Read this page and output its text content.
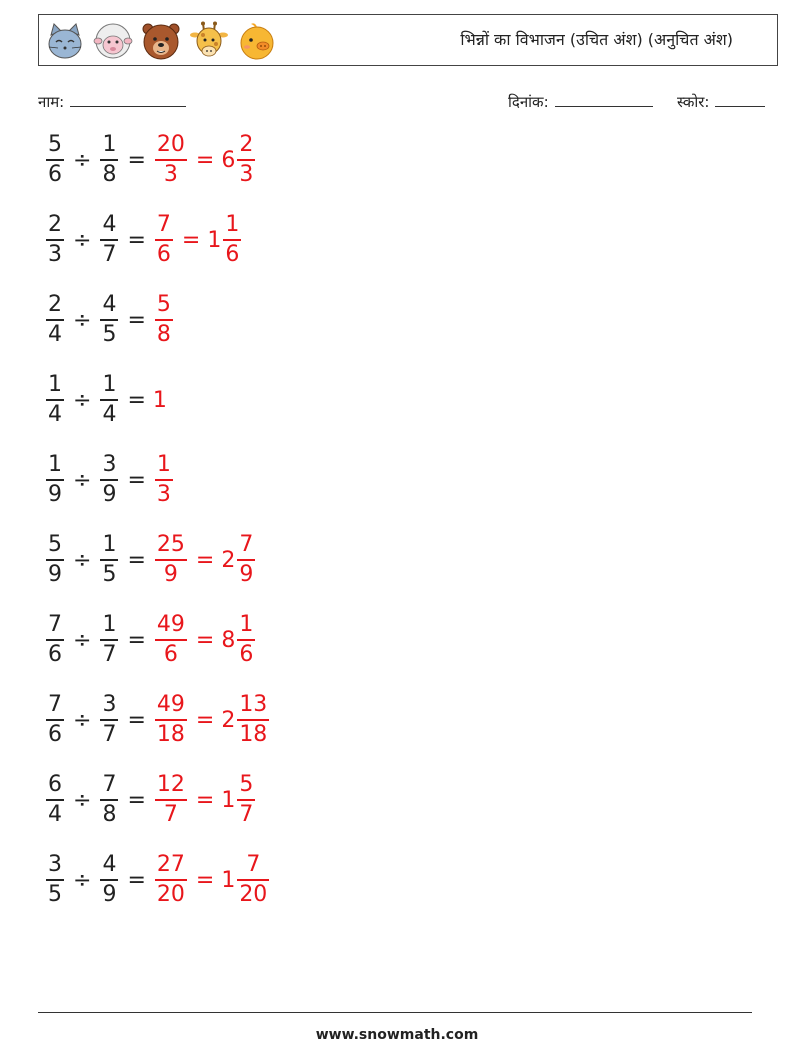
भिन्नों का विभाजन (उचित अंश) (अनुचित अंश)
नाम:	दिनांक:	स्कोर:
$\frac{5}{6} \div \frac{1}{8} = \frac{20}{3} = 6 \frac{2}{3}$
$\frac{2}{3} \div \frac{4}{7} = \frac{7}{6} = 1 \frac{1}{6}$
$\frac{2}{4} \div \frac{4}{5} = \frac{5}{8}$
$\frac{1}{4} \div \frac{1}{4} = 1$
$\frac{1}{9} \div \frac{3}{9} = \frac{1}{3}$
$\frac{5}{9} \div \frac{1}{5} = \frac{25}{9} = 2 \frac{7}{9}$
$\frac{7}{6} \div \frac{1}{7} = \frac{49}{6} = 8 \frac{1}{6}$
$\frac{7}{6} \div \frac{3}{7} = \frac{49}{18} = 2 \frac{13}{18}$
$\frac{6}{4} \div \frac{7}{8} = \frac{12}{7} = 1 \frac{5}{7}$
$\frac{3}{5} \div \frac{4}{9} = \frac{27}{20} = 1 \frac{7}{20}$
www.snowmath.com
